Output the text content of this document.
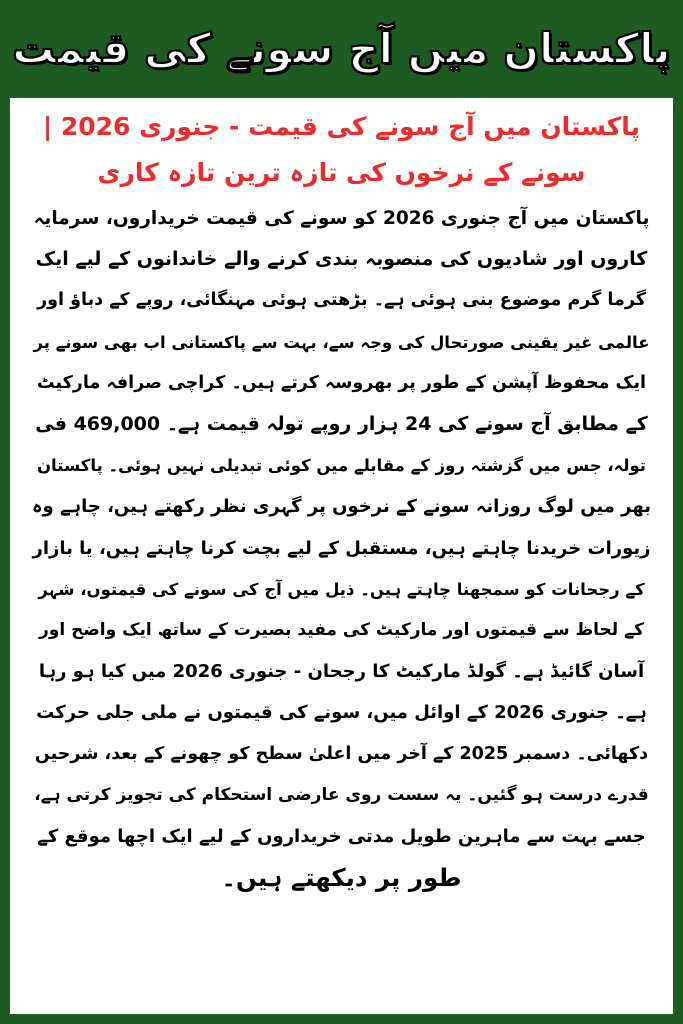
پاکستان میں آج سونے کی قیمت
پاکستان میں آج سونے کی قیمت - جنوری 2026 | سونے کے نرخوں کی تازہ ترین تازہ کاری

پاکستان میں آج جنوری 2026 کو سونے کی قیمت خریداروں، سرمایہ
کاروں اور شادیوں کی منصوبہ بندی کرنے والے خاندانوں کے لیے ایک
گرما گرم موضوع بنی ہوئی ہے۔ بڑھتی ہوئی مہنگائی، روپے کے دباؤ اور
عالمی غیر یقینی صورتحال کی وجہ سے، بہت سے پاکستانی اب بھی سونے پر
ایک محفوظ آپشن کے طور پر بھروسہ کرتے ہیں۔ کراچی صرافہ مارکیٹ
کے مطابق آج سونے کی 24 ہزار روپے تولہ قیمت ہے۔ 469,000 فی
تولہ، جس میں گزشتہ روز کے مقابلے میں کوئی تبدیلی نہیں ہوئی۔ پاکستان
بھر میں لوگ روزانہ سونے کے نرخوں پر گہری نظر رکھتے ہیں، چاہے وہ
زیورات خریدنا چاہتے ہیں، مستقبل کے لیے بچت کرنا چاہتے ہیں، یا بازار
کے رجحانات کو سمجھنا چاہتے ہیں۔ ذیل میں آج کی سونے کی قیمتوں، شہر
کے لحاظ سے قیمتوں اور مارکیٹ کی مفید بصیرت کے ساتھ ایک واضح اور
آسان گائیڈ ہے۔ گولڈ مارکیٹ کا رجحان - جنوری 2026 میں کیا ہو رہا
ہے۔ جنوری 2026 کے اوائل میں، سونے کی قیمتوں نے ملی جلی حرکت
دکھائی۔ دسمبر 2025 کے آخر میں اعلیٰ سطح کو چھونے کے بعد، شرحیں
قدرے درست ہو گئیں۔ یہ سست روی عارضی استحکام کی تجویز کرتی ہے،
جسے بہت سے ماہرین طویل مدتی خریداروں کے لیے ایک اچھا موقع کے
طور پر دیکھتے ہیں۔
